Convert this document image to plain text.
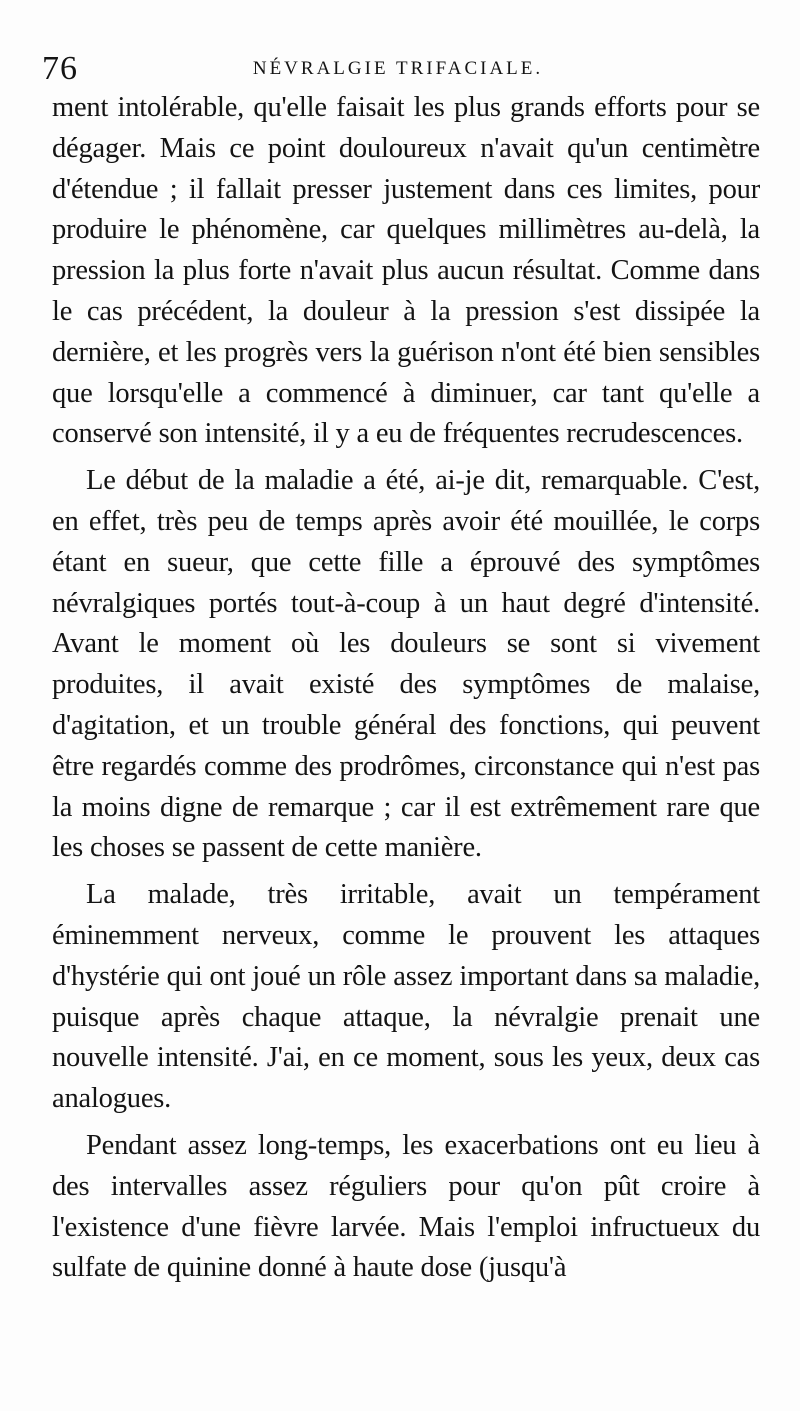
76	NÉVRALGIE TRIFACIALE.

ment intolérable, qu'elle faisait les plus grands efforts pour se dégager. Mais ce point douloureux n'avait qu'un centimètre d'étendue ; il fallait presser justement dans ces limites, pour produire le phénomène, car quelques millimètres au-delà, la pression la plus forte n'avait plus aucun résultat. Comme dans le cas précédent, la douleur à la pression s'est dissipée la dernière, et les progrès vers la guérison n'ont été bien sensibles que lorsqu'elle a commencé à diminuer, car tant qu'elle a conservé son intensité, il y a eu de fréquentes recrudescences.

Le début de la maladie a été, ai-je dit, remarquable. C'est, en effet, très peu de temps après avoir été mouillée, le corps étant en sueur, que cette fille a éprouvé des symptômes névralgiques portés tout-à-coup à un haut degré d'intensité. Avant le moment où les douleurs se sont si vivement produites, il avait existé des symptômes de malaise, d'agitation, et un trouble général des fonctions, qui peuvent être regardés comme des prodrômes, circonstance qui n'est pas la moins digne de remarque ; car il est extrêmement rare que les choses se passent de cette manière.

La malade, très irritable, avait un tempérament éminemment nerveux, comme le prouvent les attaques d'hystérie qui ont joué un rôle assez important dans sa maladie, puisque après chaque attaque, la névralgie prenait une nouvelle intensité. J'ai, en ce moment, sous les yeux, deux cas analogues.

Pendant assez long-temps, les exacerbations ont eu lieu à des intervalles assez réguliers pour qu'on pût croire à l'existence d'une fièvre larvée. Mais l'emploi infructueux du sulfate de quinine donné à haute dose (jusqu'à
